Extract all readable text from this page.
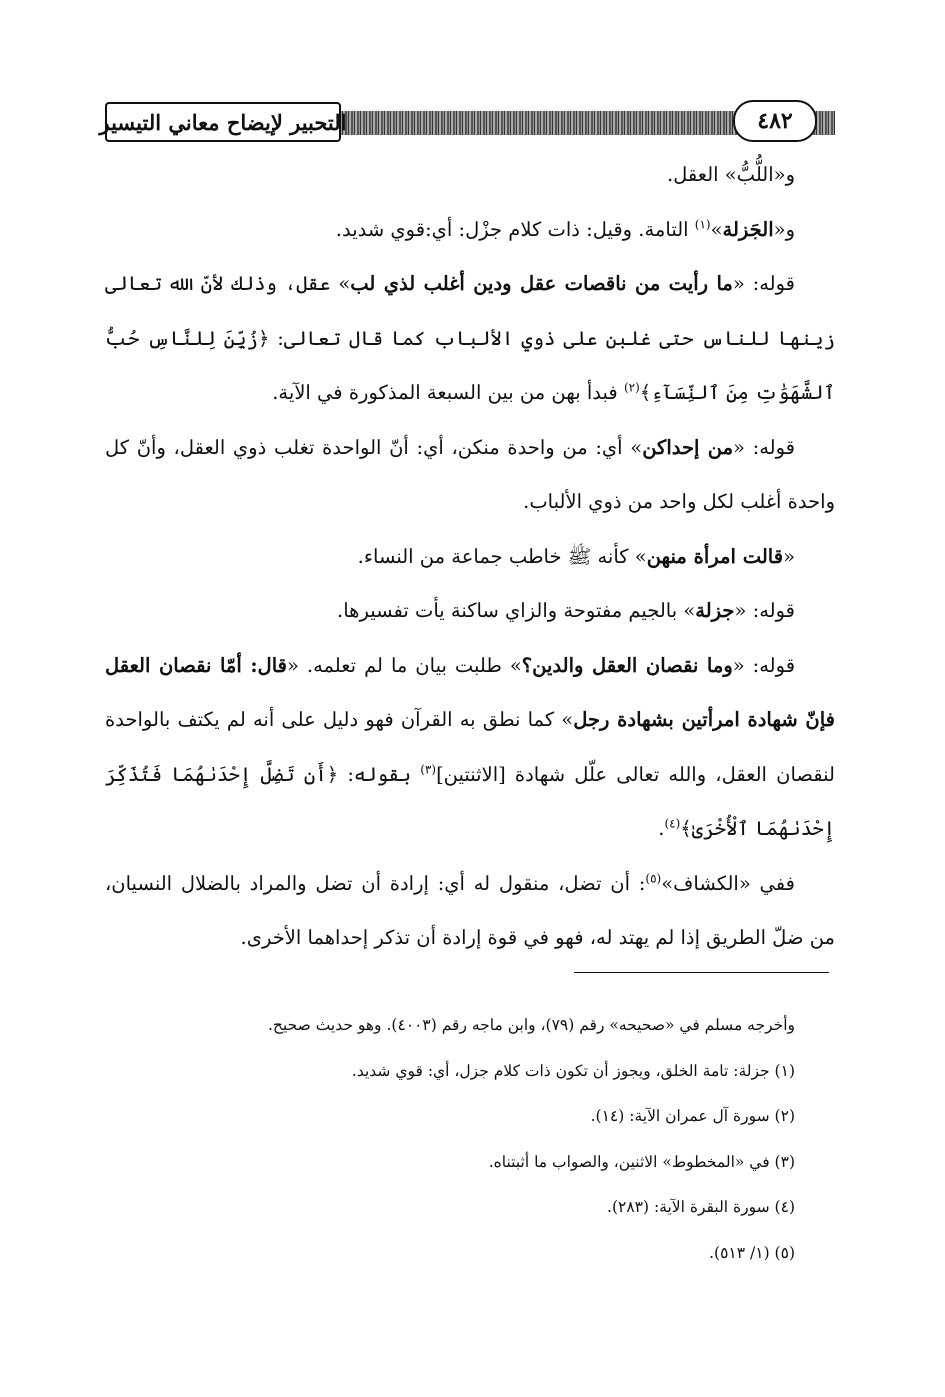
التحبير لإيضاح معاني التيسير	٤٨٢

و«اللُّبُّ» العقل.

و«الجَزلة»$^{(١)}$ التامة. وقيل: ذات كلام جزْل: أي:قوي شديد.

قوله: «ما رأيت من ناقصات عقل ودين أغلب لذي لب» عقل، وذلك لأنّ الله تعالى زينها للناس حتى غلبن على ذوي الألباب كما قال تعالى: ﴿زُيِّنَ لِلنَّاسِ حُبُّ ٱلشَّهَوَٰتِ مِنَ ٱلنِّسَآءِ﴾$^{(٢)}$ فبدأ بهن من بين السبعة المذكورة في الآية.

قوله: «من إحداكن» أي: من واحدة منكن، أي: أنّ الواحدة تغلب ذوي العقل، وأنّ كل واحدة أغلب لكل واحد من ذوي الألباب.

«قالت امرأة منهن» كأنه ﷺ خاطب جماعة من النساء.

قوله: «جزلة» بالجيم مفتوحة والزاي ساكنة يأت تفسيرها.

قوله: «وما نقصان العقل والدين؟» طلبت بيان ما لم تعلمه. «قال: أمّا نقصان العقل فإنّ شهادة امرأتين بشهادة رجل» كما نطق به القرآن فهو دليل على أنه لم يكتف بالواحدة لنقصان العقل، والله تعالى علّل شهادة [الاثنتين]$^{(٣)}$ بقوله: ﴿أَن تَضِلَّ إِحْدَىٰهُمَا فَتُذَكِّرَ إِحْدَىٰهُمَا ٱلْأُخْرَىٰ﴾$^{(٤)}$.

ففي «الكشاف»$^{(٥)}$: أن تضل، منقول له أي: إرادة أن تضل والمراد بالضلال النسيان، من ضلّ الطريق إذا لم يهتد له، فهو في قوة إرادة أن تذكر إحداهما الأخرى.

وأخرجه مسلم في «صحيحه» رقم (٧٩)، وابن ماجه رقم (٤٠٠٣). وهو حديث صحيح.
(١) جزلة: تامة الخلق، ويجوز أن تكون ذات كلام جزل، أي: قوي شديد.
(٢) سورة آل عمران الآية: (١٤).
(٣) في «المخطوط» الاثنين، والصواب ما أثبتناه.
(٤) سورة البقرة الآية: (٢٨٣).
(٥) (١/ ٥١٣).
